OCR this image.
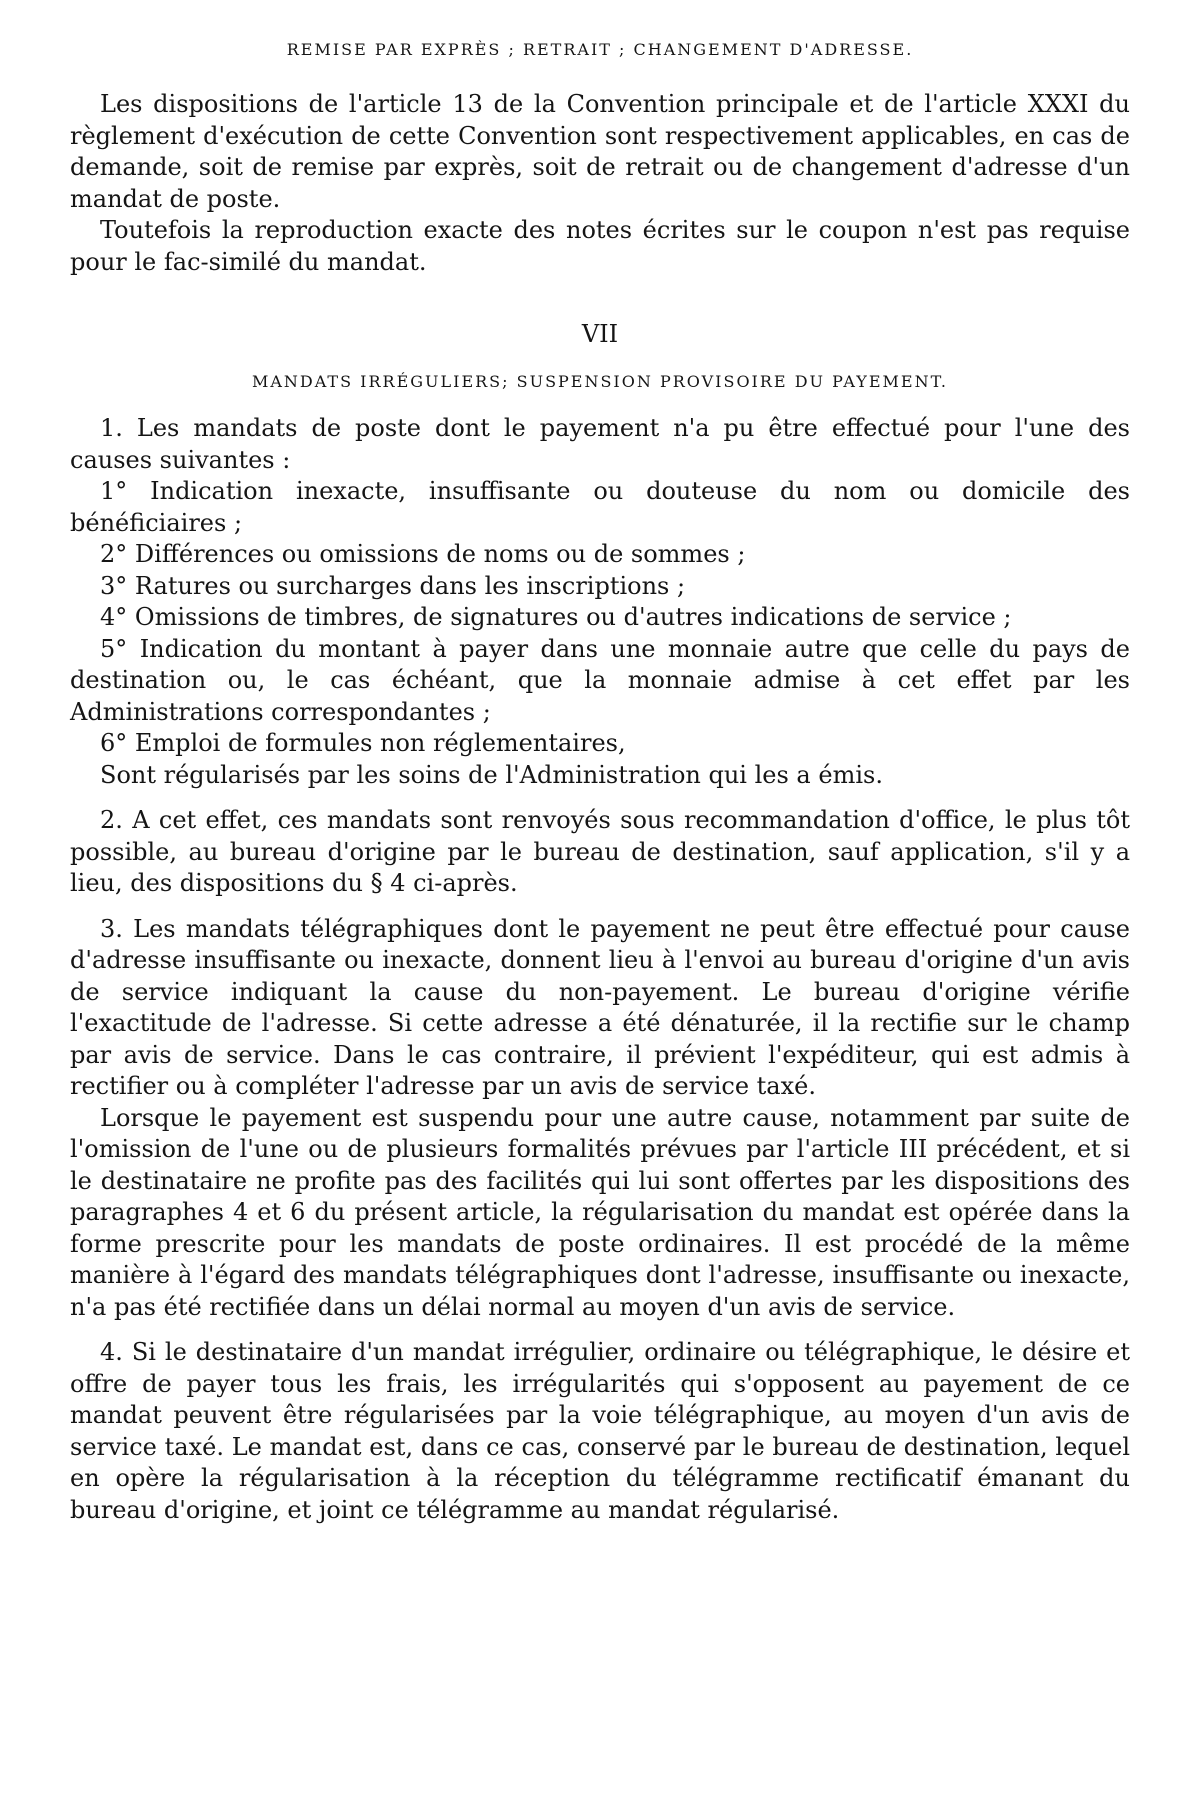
REMISE PAR EXPRÈS ; RETRAIT ; CHANGEMENT D'ADRESSE.

Les dispositions de l'article 13 de la Convention principale et de l'article XXXI du règlement d'exécution de cette Convention sont respectivement applicables, en cas de demande, soit de remise par exprès, soit de retrait ou de changement d'adresse d'un mandat de poste.

Toutefois la reproduction exacte des notes écrites sur le coupon n'est pas requise pour le fac-similé du mandat.

VII
MANDATS IRRÉGULIERS; SUSPENSION PROVISOIRE DU PAYEMENT.

1. Les mandats de poste dont le payement n'a pu être effectué pour l'une des causes suivantes :

1° Indication inexacte, insuffisante ou douteuse du nom ou domicile des bénéficiaires ;

2° Différences ou omissions de noms ou de sommes ;

3° Ratures ou surcharges dans les inscriptions ;

4° Omissions de timbres, de signatures ou d'autres indications de service ;

5° Indication du montant à payer dans une monnaie autre que celle du pays de destination ou, le cas échéant, que la monnaie admise à cet effet par les Administrations correspondantes ;

6° Emploi de formules non réglementaires,

Sont régularisés par les soins de l'Administration qui les a émis.

2. A cet effet, ces mandats sont renvoyés sous recommandation d'office, le plus tôt possible, au bureau d'origine par le bureau de destination, sauf application, s'il y a lieu, des dispositions du § 4 ci-après.

3. Les mandats télégraphiques dont le payement ne peut être effectué pour cause d'adresse insuffisante ou inexacte, donnent lieu à l'envoi au bureau d'origine d'un avis de service indiquant la cause du non-payement. Le bureau d'origine vérifie l'exactitude de l'adresse. Si cette adresse a été dénaturée, il la rectifie sur le champ par avis de service. Dans le cas contraire, il prévient l'expéditeur, qui est admis à rectifier ou à compléter l'adresse par un avis de service taxé.

Lorsque le payement est suspendu pour une autre cause, notamment par suite de l'omission de l'une ou de plusieurs formalités prévues par l'article III précédent, et si le destinataire ne profite pas des facilités qui lui sont offertes par les dispositions des paragraphes 4 et 6 du présent article, la régularisation du mandat est opérée dans la forme prescrite pour les mandats de poste ordinaires. Il est procédé de la même manière à l'égard des mandats télégraphiques dont l'adresse, insuffisante ou inexacte, n'a pas été rectifiée dans un délai normal au moyen d'un avis de service.

4. Si le destinataire d'un mandat irrégulier, ordinaire ou télégraphique, le désire et offre de payer tous les frais, les irrégularités qui s'opposent au payement de ce mandat peuvent être régularisées par la voie télégraphique, au moyen d'un avis de service taxé. Le mandat est, dans ce cas, conservé par le bureau de destination, lequel en opère la régularisation à la réception du télégramme rectificatif émanant du bureau d'origine, et joint ce télégramme au mandat régularisé.
